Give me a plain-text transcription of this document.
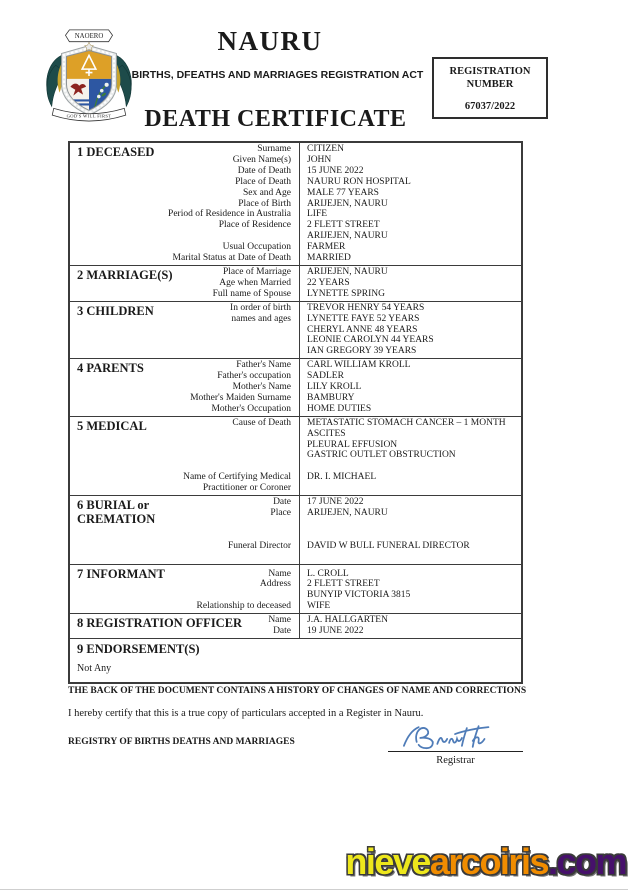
NAOERO
GOD'S WILL FIRST
NAURU
BIRTHS, DFEATHS AND MARRIAGES REGISTRATION ACT	REGISTRATION NUMBER
67037/2022
DEATH CERTIFICATE
1 DECEASED	Surname	CITIZEN
Given Name(s)	JOHN
Date of Death	15 JUNE 2022
Place of Death	NAURU RON HOSPITAL
Sex and Age	MALE 77 YEARS
Place of Birth	ARIJEJEN, NAURU
Period of Residence in Australia	LIFE
Place of Residence	2 FLETT STREET

ARIJEJEN, NAURU
Usual Occupation	FARMER
Marital Status at Date of Death	MARRIED
2 MARRIAGE(S)	Place of Marriage	ARIJEJEN, NAURU
Age when Married	22 YEARS
Full name of Spouse	LYNETTE SPRING
3 CHILDREN	In order of birth	TREVOR HENRY 54 YEARS
names and ages	LYNETTE FAYE 52 YEARS

CHERYL ANNE 48 YEARS

LEONIE CAROLYN 44 YEARS

IAN GREGORY 39 YEARS
4 PARENTS	Father's Name	CARL WILLIAM KROLL
Father's occupation	SADLER
Mother's Name	LILY KROLL
Mother's Maiden Surname	BAMBURY
Mother's Occupation	HOME DUTIES
5 MEDICAL	Cause of Death	METASTATIC STOMACH CANCER – 1 MONTH

ASCITES

PLEURAL EFFUSION

GASTRIC OUTLET OBSTRUCTION

Name of Certifying Medical	DR. I. MICHAEL
Practitioner or Coroner

6 BURIAL or
CREMATION
Date	17 JUNE 2022
Place	ARIJEJEN, NAURU

Funeral Director	DAVID W BULL FUNERAL DIRECTOR

7 INFORMANT	Name	L. CROLL
Address	2 FLETT STREET

BUNYIP VICTORIA 3815
Relationship to deceased	WIFE
8 REGISTRATION OFFICER	Name	J.A. HALLGARTEN
Date	19 JUNE 2022
9 ENDORSEMENT(S)
Not Any
THE BACK OF THE DOCUMENT CONTAINS A HISTORY OF CHANGES OF NAME AND CORRECTIONS
I hereby certify that this is a true copy of particulars accepted in a Register in Nauru.
REGISTRY OF BIRTHS DEATHS AND MARRIAGES
Registrar
nievearcoiris.com
